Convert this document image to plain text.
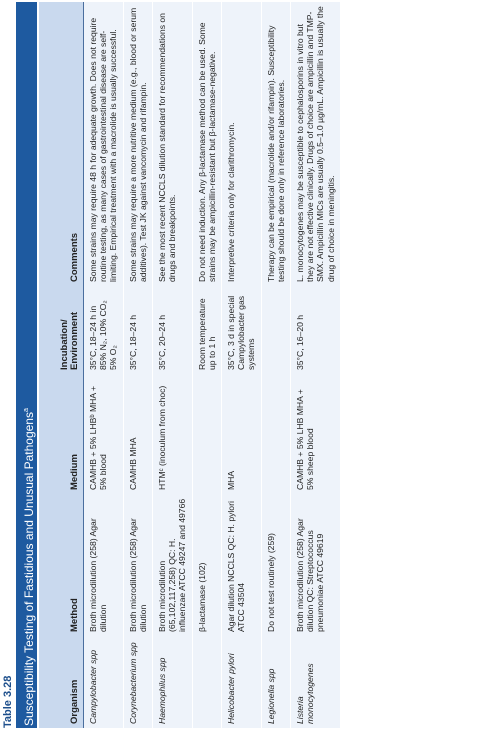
Table 3.28 Susceptibility Testing of Fastidious and Unusual Pathogens$^a$
Organism	Method	Medium	Incubation/ Environment	Comments
Campylobacter spp	Broth microdilution (258) Agar dilution	CAMHB + 5% LHBᵇ MHA + 5% blood	35°C, 18–24 h in 85% N₂, 10% CO₂ 5% O₂	Some strains may require 48 h for adequate growth. Does not require routine testing, as many cases of gastrointestinal disease are self-limiting. Empirical treatment with a macrolide is usually successful.
Corynebacterium spp	Broth microdilution (258) Agar dilution	CAMHB MHA	35°C, 18–24 h	Some strains may require a more nutritive medium (e.g., blood or serum additives). Test JK against vancomycin and rifampin.
Haemophilus spp	Broth microdilution (65,102,117,258) QC: H. influenzae ATCC 49247 and 49766	HTMᶜ (inoculum from choc)	35°C, 20–24 h	See the most recent NCCLS dilution standard for recommendations on drugs and breakpoints.
	β-lactamase (102)		Room temperature up to 1 h	Do not need induction. Any β-lactamase method can be used. Some strains may be ampicillin-resistant but β-lactamase-negative.
Helicobacter pylori	Agar dilution NCCLS QC: H. pylori ATCC 43504	MHA	35°C, 3 d in special Campylobacter gas systems	Interpretive criteria only for clarithromycin.
Legionella spp	Do not test routinely (259)			Therapy can be empirical (macrolide and/or rifampin). Susceptibility testing should be done only in reference laboratories.
Listeria monocytogenes	Broth microdilution (258) Agar dilution QC: Streptococcus pneumoniae ATCC 49619	CAMHB + 5% LHB MHA + 5% sheep blood	35°C, 16–20 h	L. monocytogenes may be susceptible to cephalosporins in vitro but they are not effective clinically. Drugs of choice are ampicillin and TMP-SMX. Ampicillin MICs are usually 0.5–1.0 µg/mL. Ampicillin is usually the drug of choice in meningitis.
